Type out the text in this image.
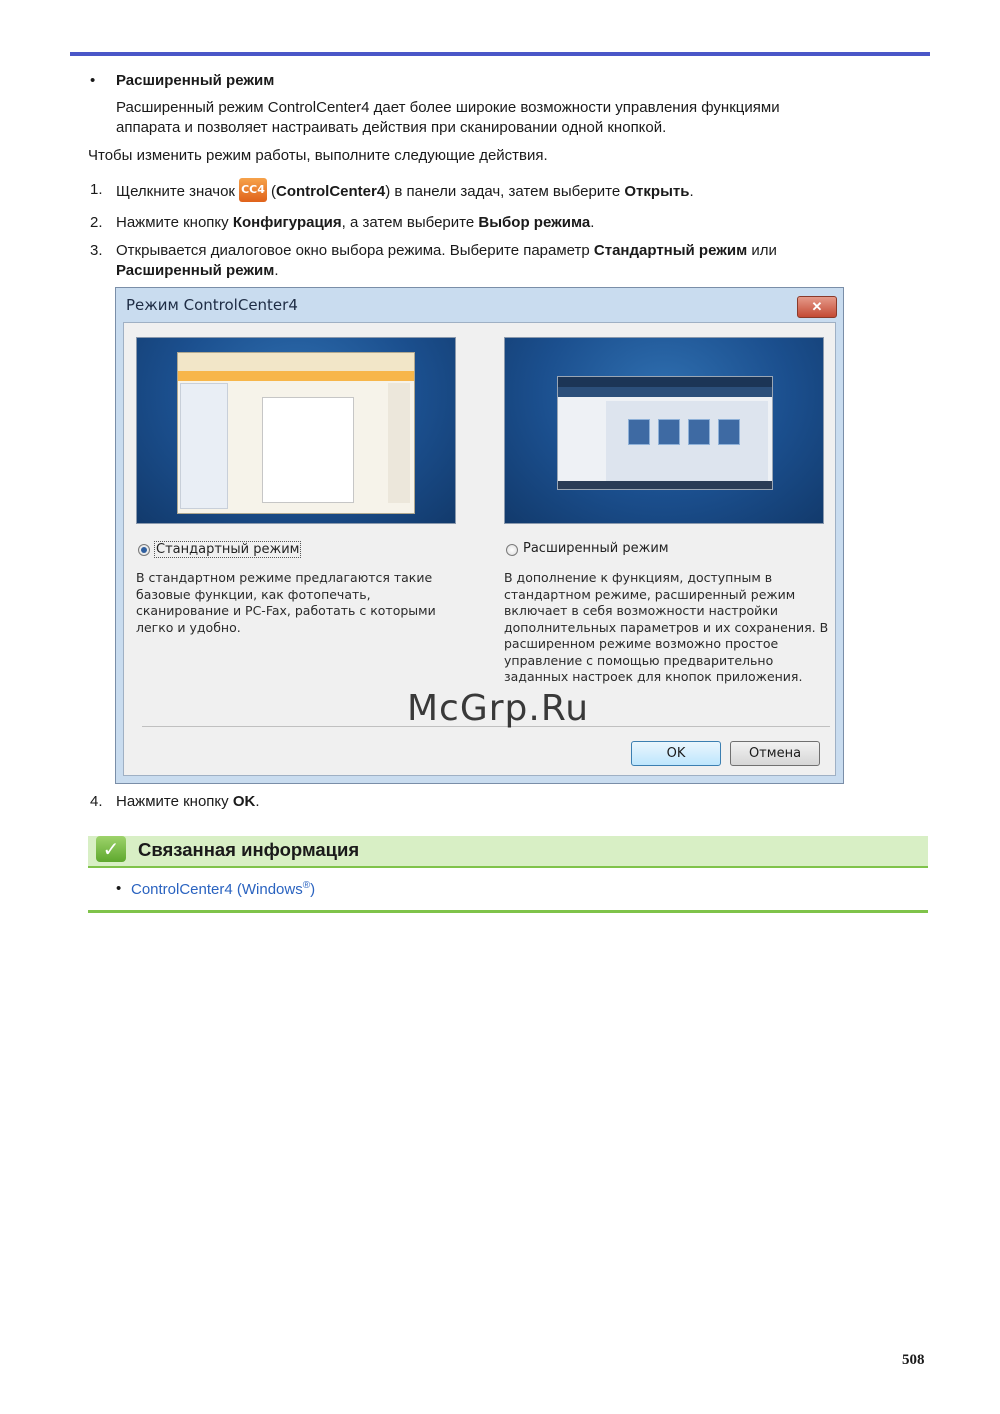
• Расширенный режим
Расширенный режим ControlCenter4 дает более широкие возможности управления функциями
аппарата и позволяет настраивать действия при сканировании одной кнопкой.
Чтобы изменить режим работы, выполните следующие действия.
1. Щелкните значок CC4 (ControlCenter4) в панели задач, затем выберите Открыть.
2. Нажмите кнопку Конфигурация, а затем выберите Выбор режима.
3. Открывается диалоговое окно выбора режима. Выберите параметр Стандартный режим или
Расширенный режим.
Режим ControlCenter4	✕
Стандартный режим
В стандартном режиме предлагаются такие
базовые функции, как фотопечать,
сканирование и PC-Fax, работать с которыми
легко и удобно.
Расширенный режим
В дополнение к функциям, доступным в
стандартном режиме, расширенный режим
включает в себя возможности настройки
дополнительных параметров и их сохранения. В
расширенном режиме возможно простое
управление с помощью предварительно
заданных настроек для кнопок приложения.
OK	Отмена
McGrp.Ru
4. Нажмите кнопку OK.
✓	Связанная информация
• ControlCenter4 (Windows®)
508
